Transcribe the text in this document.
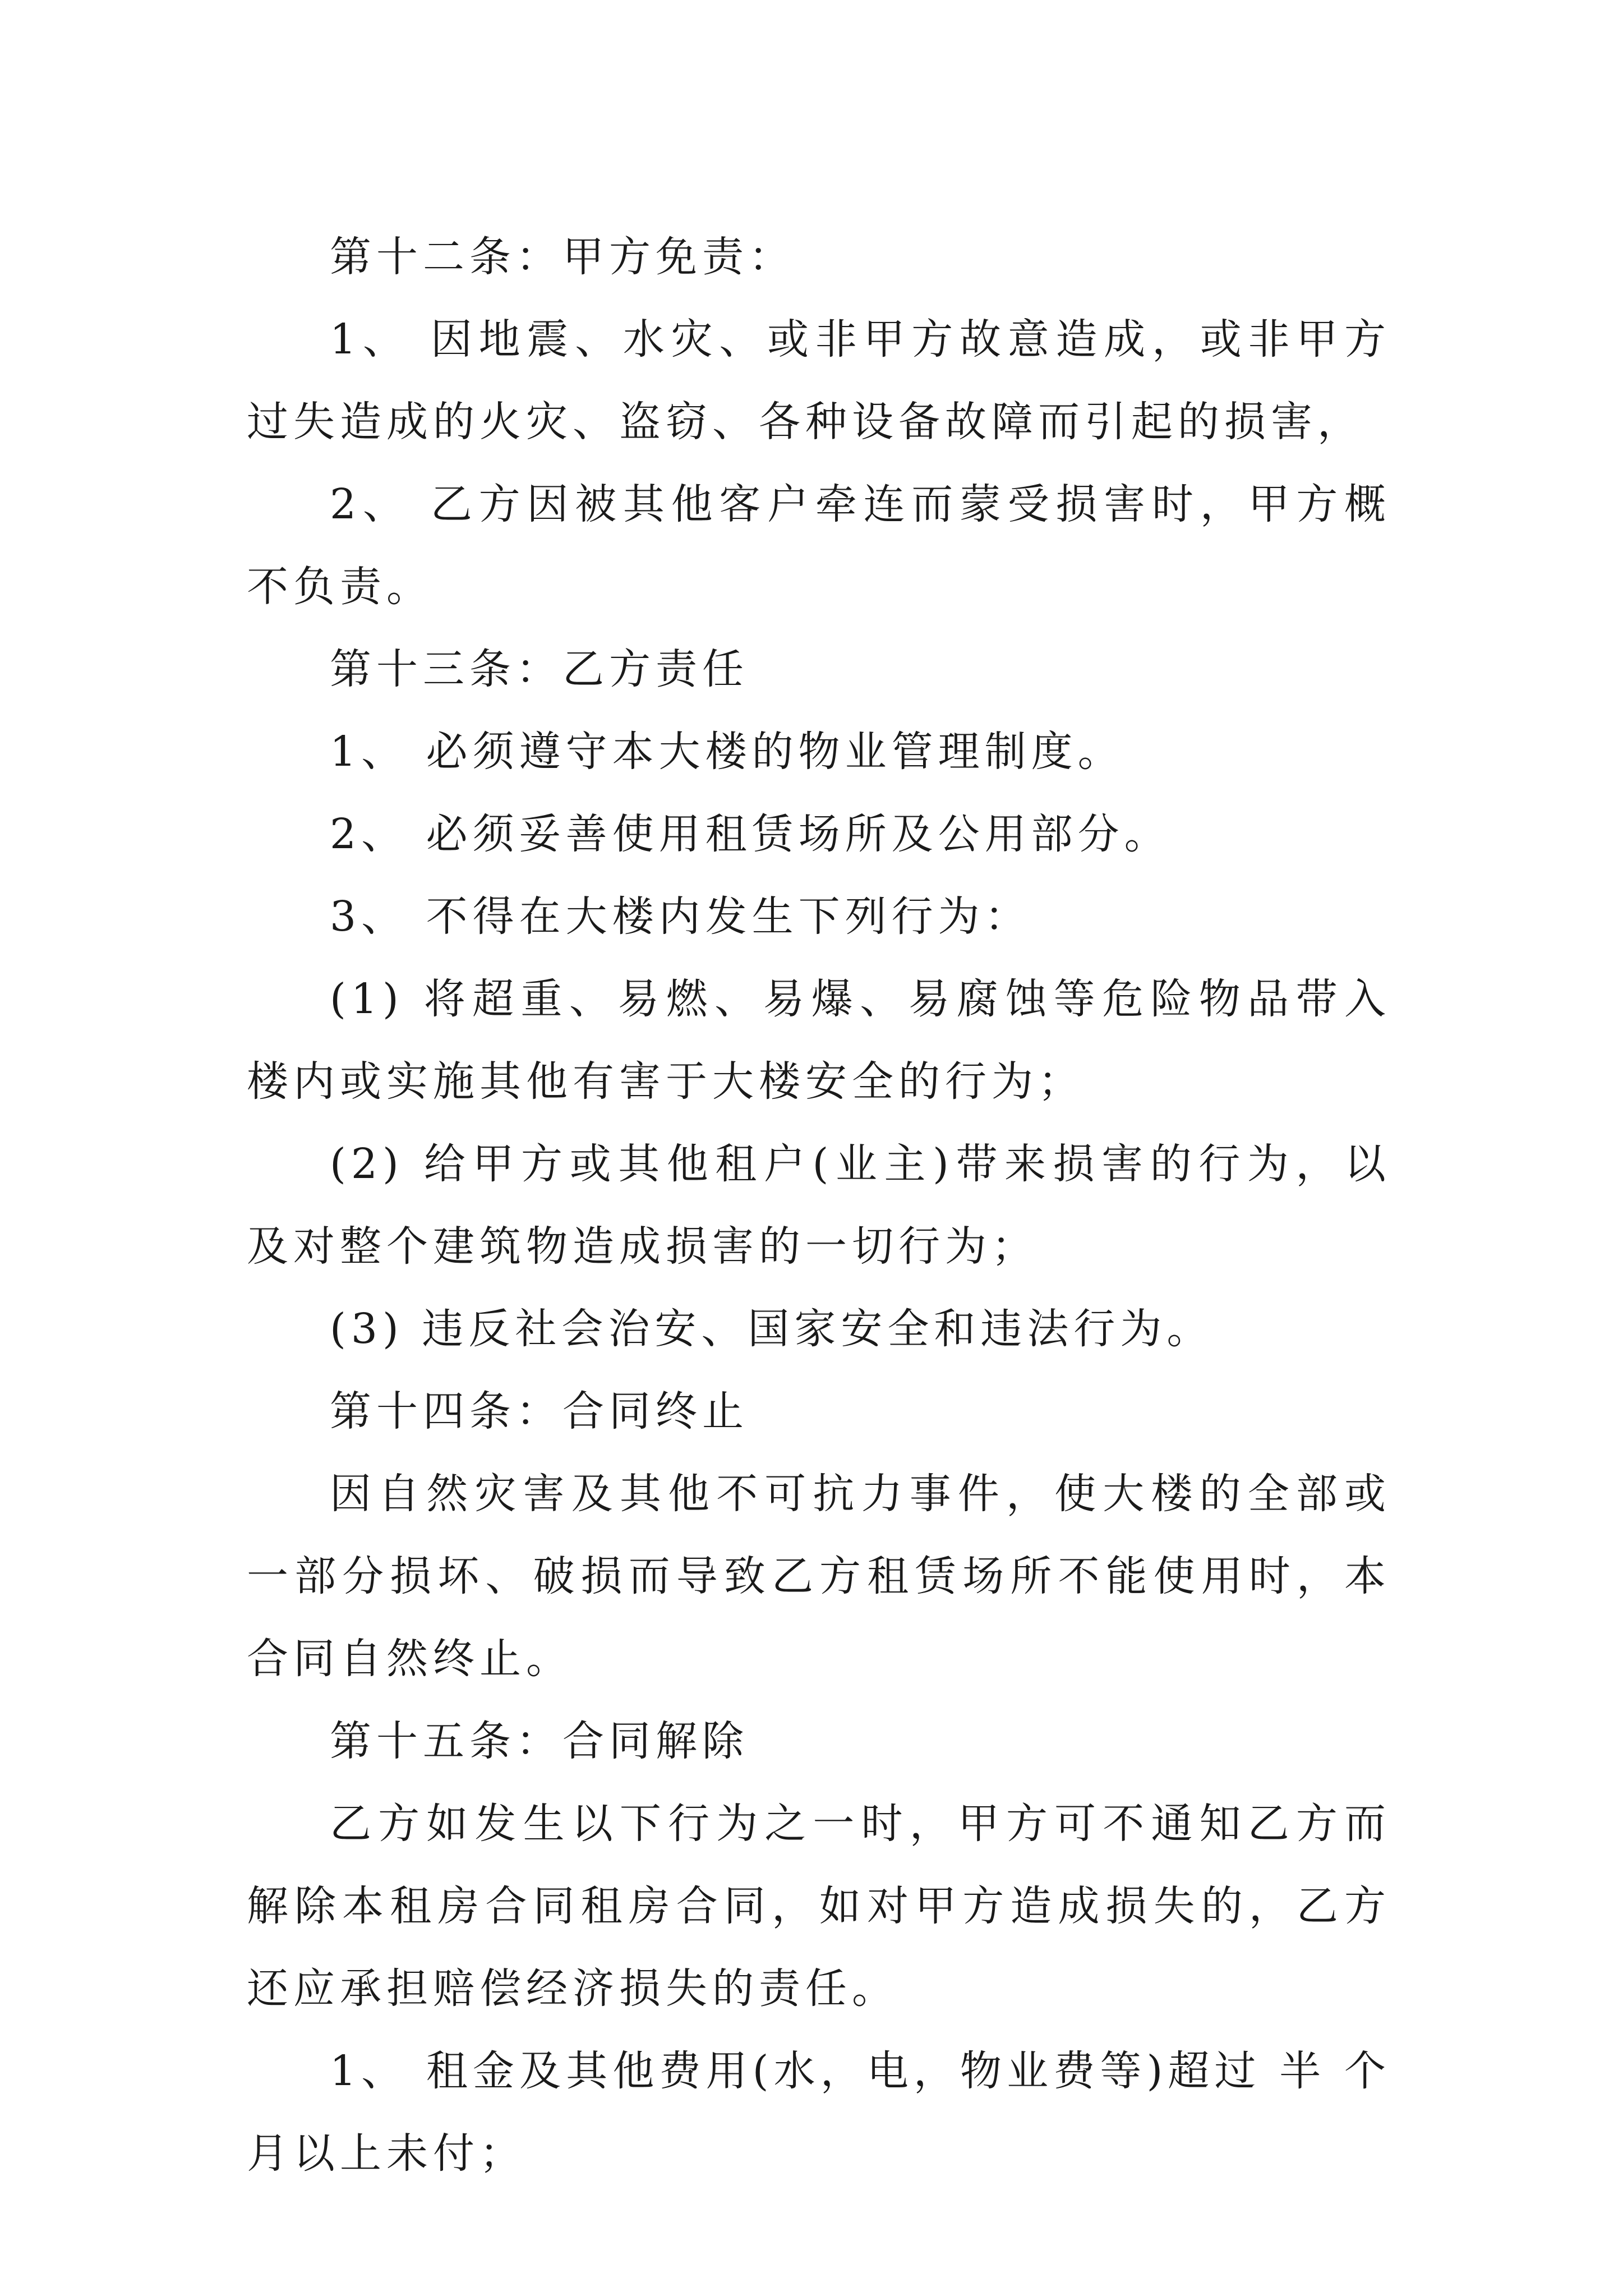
第十二条：甲方免责：

1、 因地震、水灾、或非甲方故意造成，或非甲方过失造成的火灾、盗窃、各种设备故障而引起的损害，

2、 乙方因被其他客户牵连而蒙受损害时，甲方概不负责。

第十三条：乙方责任

1、 必须遵守本大楼的物业管理制度。

2、 必须妥善使用租赁场所及公用部分。

3、 不得在大楼内发生下列行为：

(1) 将超重、易燃、易爆、易腐蚀等危险物品带入楼内或实施其他有害于大楼安全的行为；

(2) 给甲方或其他租户(业主)带来损害的行为，以及对整个建筑物造成损害的一切行为；

(3) 违反社会治安、国家安全和违法行为。

第十四条：合同终止

因自然灾害及其他不可抗力事件，使大楼的全部或一部分损坏、破损而导致乙方租赁场所不能使用时，本合同自然终止。

第十五条：合同解除

乙方如发生以下行为之一时，甲方可不通知乙方而解除本租房合同租房合同，如对甲方造成损失的，乙方还应承担赔偿经济损失的责任。

1、 租金及其他费用(水，电，物业费等)超过 半 个月以上未付；
